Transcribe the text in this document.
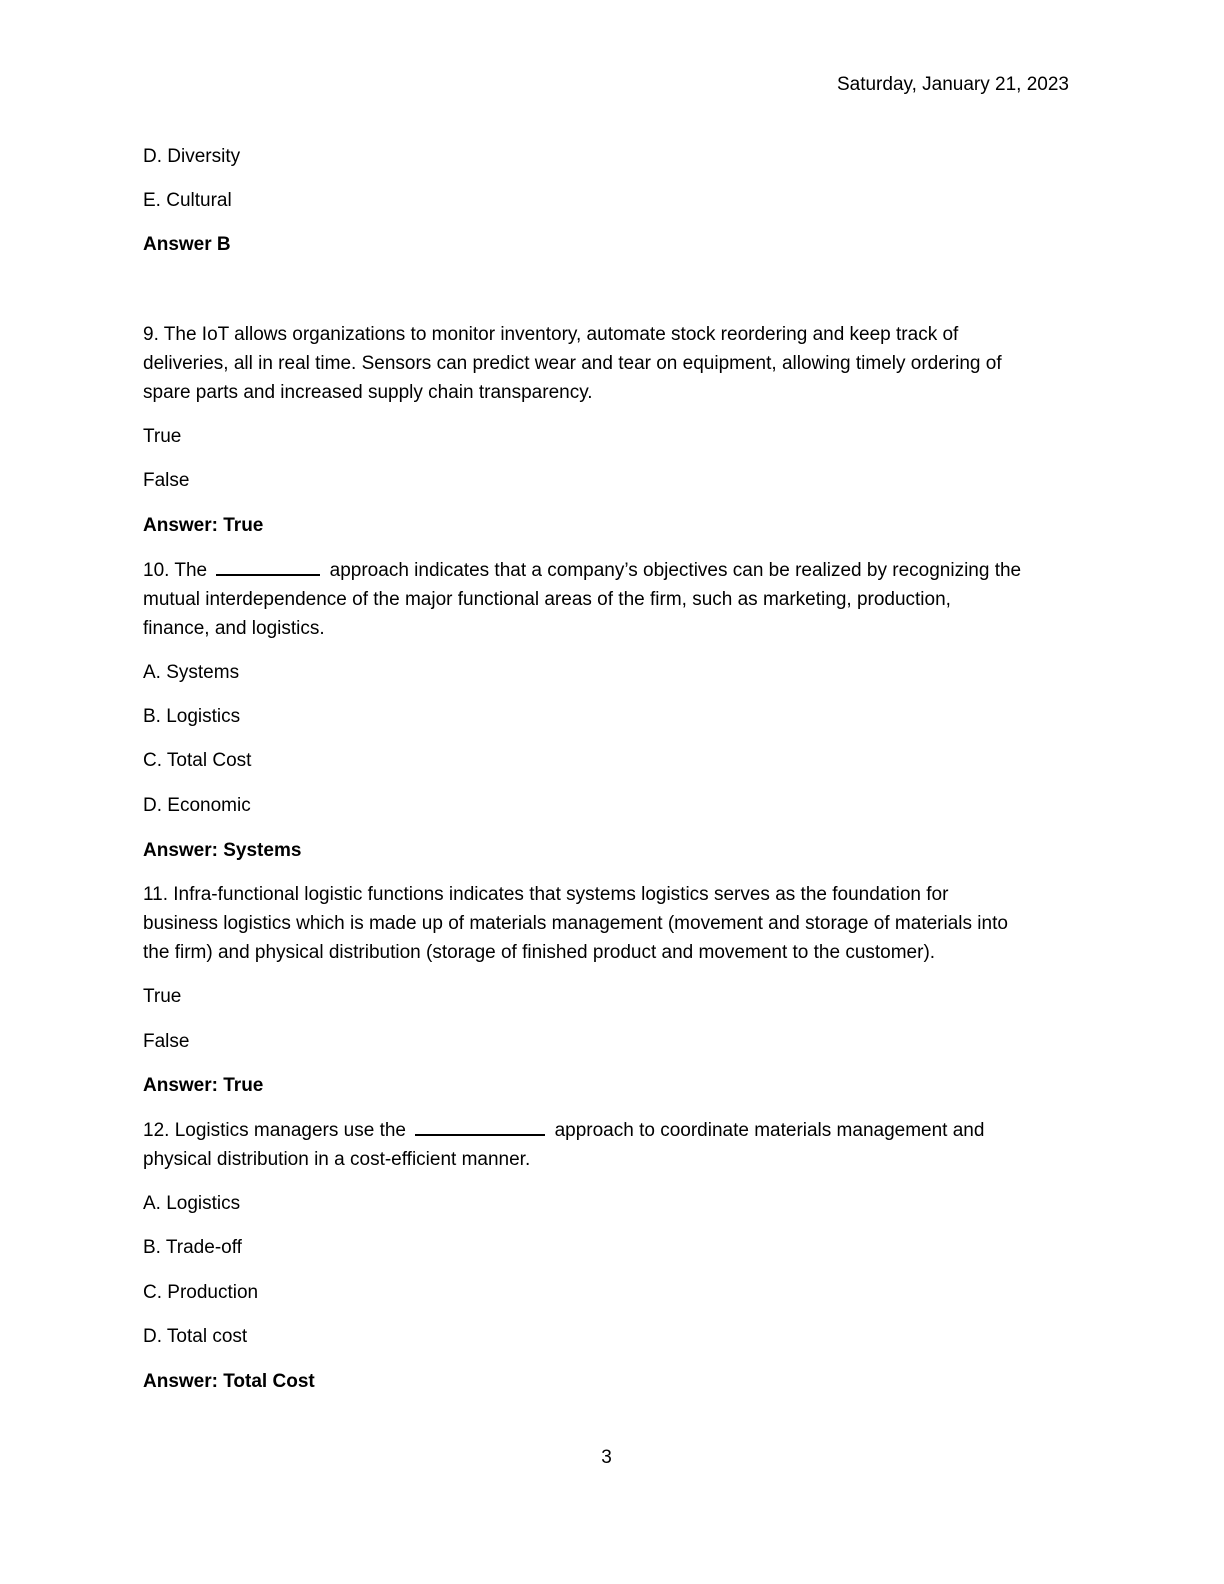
Saturday, January 21, 2023
D. Diversity
E. Cultural
Answer B
9. The IoT allows organizations to monitor inventory, automate stock reordering and keep track of
deliveries, all in real time. Sensors can predict wear and tear on equipment, allowing timely ordering of
spare parts and increased supply chain transparency.
True
False
Answer: True
10. The	approach indicates that a company’s objectives can be realized by recognizing the
mutual interdependence of the major functional areas of the firm, such as marketing, production,
finance, and logistics.
A. Systems
B. Logistics
C. Total Cost
D. Economic
Answer: Systems
11. Infra-functional logistic functions indicates that systems logistics serves as the foundation for
business logistics which is made up of materials management (movement and storage of materials into
the firm) and physical distribution (storage of finished product and movement to the customer).
True
False
Answer: True
12. Logistics managers use the	approach to coordinate materials management and
physical distribution in a cost-efficient manner.
A. Logistics
B. Trade-off
C. Production
D. Total cost
Answer: Total Cost
3
